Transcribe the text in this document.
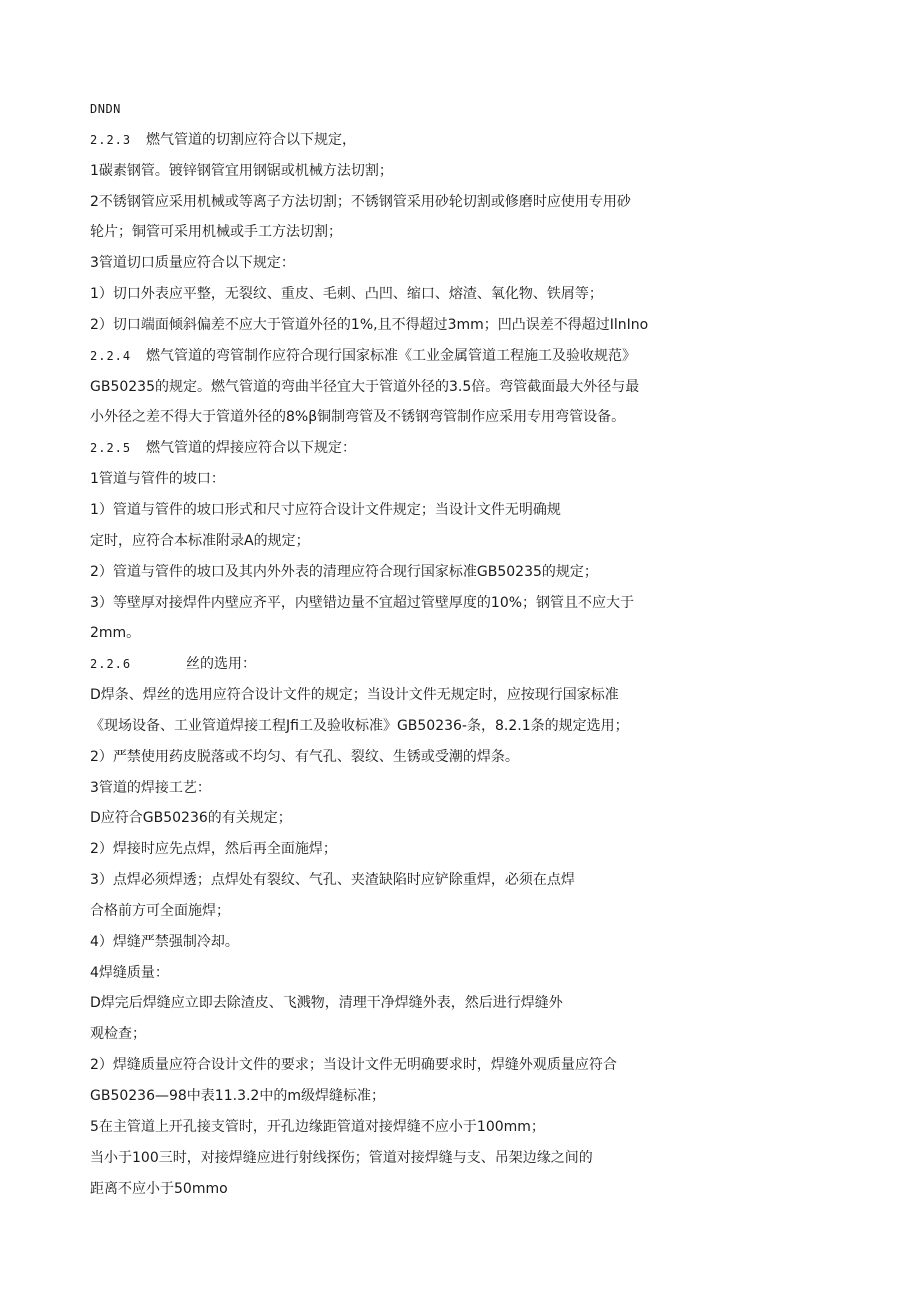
DNDN
2.2.3 燃气管道的切割应符合以下规定，
1碳素钢管。镀锌钢管宜用钢锯或机械方法切割；
2不锈钢管应采用机械或等离子方法切割；不锈钢管采用砂轮切割或修磨时应使用专用砂
轮片；铜管可采用机械或手工方法切割；
3管道切口质量应符合以下规定：
1）切口外表应平整，无裂纹、重皮、毛刺、凸凹、缩口、熔渣、氧化物、铁屑等；
2）切口端面倾斜偏差不应大于管道外径的1%,且不得超过3mm；凹凸误差不得超过IlnIno
2.2.4 燃气管道的弯管制作应符合现行国家标准《工业金属管道工程施工及验收规范》
GB50235的规定。燃气管道的弯曲半径宜大于管道外径的3.5倍。弯管截面最大外径与最
小外径之差不得大于管道外径的8%β铜制弯管及不锈钢弯管制作应采用专用弯管设备。
2.2.5 燃气管道的焊接应符合以下规定：
1管道与管件的坡口：
1）管道与管件的坡口形式和尺寸应符合设计文件规定；当设计文件无明确规
定时，应符合本标准附录A的规定；
2）管道与管件的坡口及其内外外表的清理应符合现行国家标准GB50235的规定；
3）等壁厚对接焊件内壁应齐平，内壁错边量不宜超过管壁厚度的10%；钢管且不应大于
2mm。
2.2.6	丝的选用：
D焊条、焊丝的选用应符合设计文件的规定；当设计文件无规定时，应按现行国家标准
《现场设备、工业管道焊接工程Jfi工及验收标准》GB50236-条，8.2.1条的规定选用；
2）严禁使用药皮脱落或不均匀、有气孔、裂纹、生锈或受潮的焊条。
3管道的焊接工艺：
D应符合GB50236的有关规定；
2）焊接时应先点焊，然后再全面施焊；
3）点焊必须焊透；点焊处有裂纹、气孔、夹渣缺陷时应铲除重焊，必须在点焊
合格前方可全面施焊；
4）焊缝严禁强制冷却。
4焊缝质量：
D焊完后焊缝应立即去除渣皮、飞溅物，清理干净焊缝外表，然后进行焊缝外
观检查；
2）焊缝质量应符合设计文件的要求；当设计文件无明确要求时，焊缝外观质量应符合
GB50236—98中表11.3.2中的m级焊缝标准；
5在主管道上开孔接支管时，开孔边缘距管道对接焊缝不应小于100mm；
当小于100三时，对接焊缝应进行射线探伤；管道对接焊缝与支、吊架边缘之间的
距离不应小于50mmo
